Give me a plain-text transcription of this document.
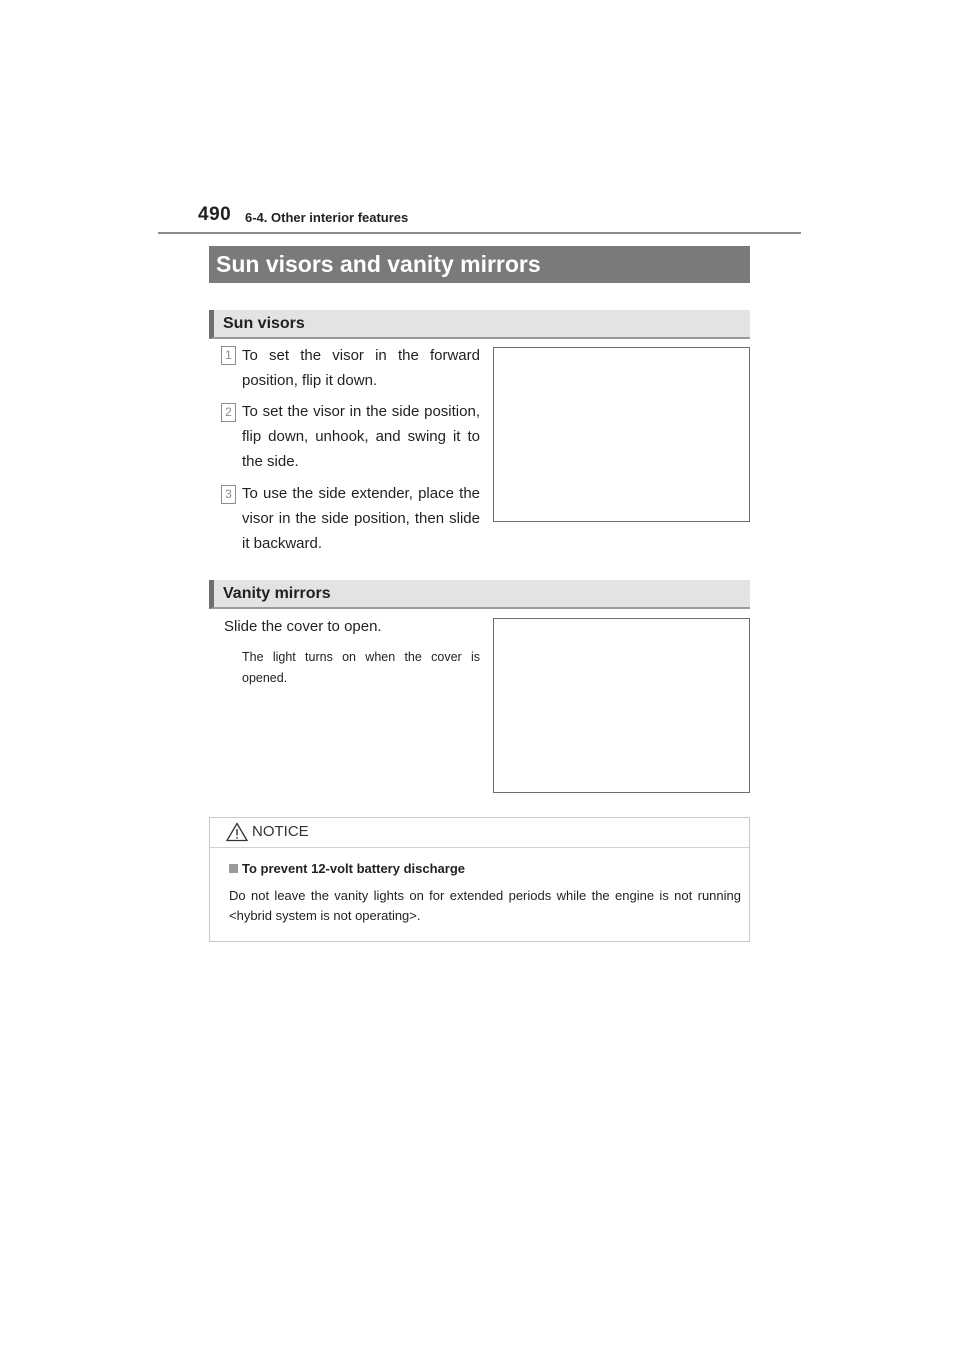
490 6-4. Other interior features
Sun visors and vanity mirrors
Sun visors
1 To set the visor in the forward position, flip it down.
2 To set the visor in the side position, flip down, unhook, and swing it to the side.
3 To use the side extender, place the visor in the side position, then slide it backward.
Vanity mirrors
Slide the cover to open.
The light turns on when the cover is opened.
NOTICE
To prevent 12-volt battery discharge
Do not leave the vanity lights on for extended periods while the engine is not running <hybrid system is not operating>.
